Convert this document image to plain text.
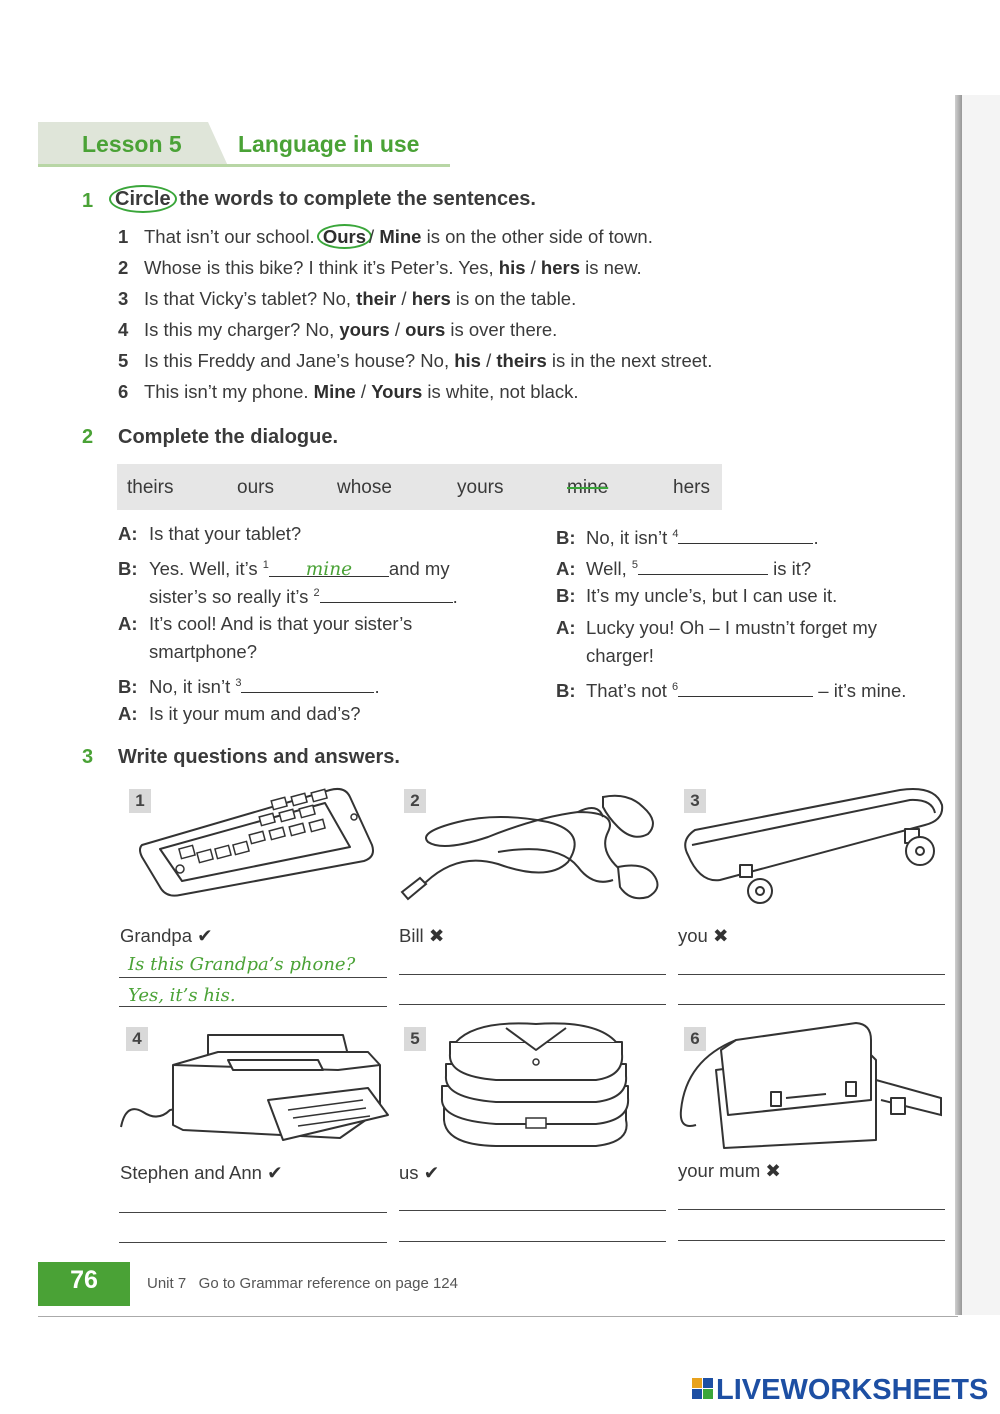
Lesson 5 Language in use
1 Circle the words to complete the sentences.
1 That isn’t our school. Ours / Mine is on the other side of town.
2 Whose is this bike? I think it’s Peter’s. Yes, his / hers is new.
3 Is that Vicky’s tablet? No, their / hers is on the table.
4 Is this my charger? No, yours / ours is over there.
5 Is this Freddy and Jane’s house? No, his / theirs is in the next street.
6 This isn’t my phone. Mine / Yours is white, not black.
2 Complete the dialogue.
theirs	ours	whose	yours	mine	hers
A: Is that your tablet?
B: Yes. Well, it’s $^1$ mine and my
sister’s so really it’s $^2$	.
A: It’s cool! And is that your sister’s
smartphone?
B: No, it isn’t $^3$	.
A: Is it your mum and dad’s?
B: No, it isn’t $^4$	.
A: Well, $^5$	is it?
B: It’s my uncle’s, but I can use it.
A: Lucky you! Oh – I mustn’t forget my
charger!
B: That’s not $^6$	– it’s mine.
3 Write questions and answers.
1	2	3
4	5	6
Grandpa ✔	Bill ✖	you ✖
Is this Grandpa’s phone?
Yes, it’s his.
Stephen and Ann ✔	us ✔	your mum ✖
76	Unit 7   Go to Grammar reference on page 124
LIVEWORKSHEETS
